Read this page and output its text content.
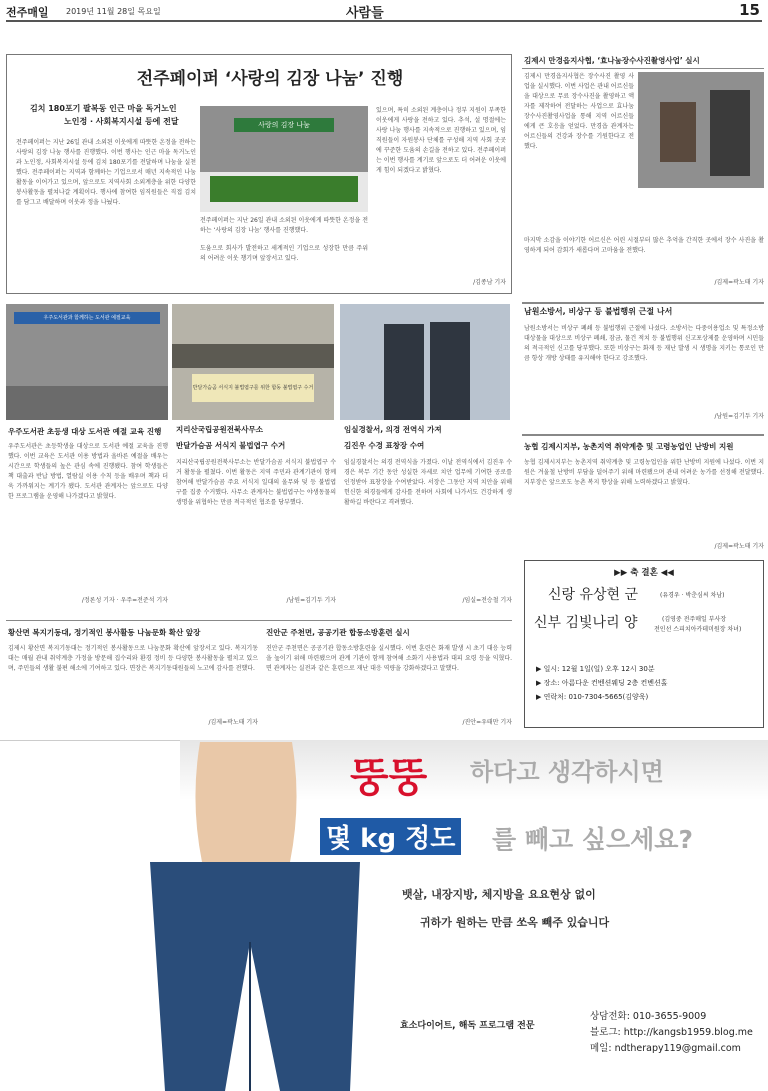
전주매일 2019년 11월 28일 목요일	사람들	15
전주페이퍼 ‘사랑의 김장 나눔’ 진행
김치 180포기 팔복동 인근 마을 독거노인
노인정 · 사회복지시설 등에 전달
전주페이퍼는 지난 26일 관내 소외된 이웃에게 따뜻한 온정을 전하는 사랑의 김장 나눔 행사를 진행했다. 이번 행사는 인근 마을 독거노인과 노인정, 사회복지시설 등에 김치 180포기를 전달하며 나눔을 실천했다. 전주페이퍼는 지역과 함께하는 기업으로서 매년 지속적인 나눔 활동을 이어가고 있으며, 앞으로도 지역사회 소외계층을 위한 다양한 봉사활동을 펼쳐나갈 계획이다. 행사에 참여한 임직원들은 직접 김치를 담그고 배달하며 이웃과 정을 나눴다.
사랑의 김장 나눔
전주페이퍼는 지난 26일 관내 소외된 이웃에게 따뜻한 온정을 전하는 ‘사랑의 김장 나눔’ 행사를 진행했다.
도움으로 회사가 발전하고 세계적인 기업으로 성장한 만큼 주위의 어려운 이웃 챙기며 앞장서고 있다.
있으며, 특히 소외된 계층이나 정부 지원이 부족한 이웃에게 사랑을 전하고 있다. 추석, 설 명절에는 사랑 나눔 행사를 지속적으로 진행하고 있으며, 임직원들이 자원봉사 단체를 구성해 지역 사회 곳곳에 꾸준한 도움의 손길을 전하고 있다. 전주페이퍼는 이번 행사를 계기로 앞으로도 더 어려운 이웃에게 힘이 되겠다고 밝혔다.
/김종남 기자
김제시 만경읍지사협, ‘효나눔장수사진촬영사업’ 실시
김제시 만경읍지사협은 장수사진 촬영 사업을 실시했다. 이번 사업은 관내 어르신들을 대상으로 무료 장수사진을 촬영하고 액자를 제작하여 전달하는 사업으로 효나눔 장수사진촬영사업을 통해 지역 어르신들에게 큰 호응을 얻었다. 만경읍 관계자는 어르신들의 건강과 장수를 기원한다고 전했다.
마지막 소감을 이야기한 어르신은 어린 시절부터 많은 추억을 간직한 곳에서 장수 사진을 촬영하게 되어 감회가 새롭다며 고마움을 전했다.
/김제=곽노태 기자
우주도서관과 함께하는 도서관 예절교육
반달가슴곰 서식지 불법엽구를 위한 합동 불법엽구 수거
남원소방서, 비상구 등 불법행위 근절 나서
남원소방서는 비상구 폐쇄 등 불법행위 근절에 나섰다. 소방서는 다중이용업소 및 특정소방대상물을 대상으로 비상구 폐쇄, 잠금, 물건 적치 등 불법행위 신고포상제를 운영하며 시민들의 적극적인 신고를 당부했다. 또한 비상구는 화재 등 재난 발생 시 생명을 지키는 통로인 만큼 항상 개방 상태를 유지해야 한다고 강조했다.
/남원=김기두 기자
우주도서관 초등생 대상 도서관 예절 교육 진행
우주도서관은 초등학생을 대상으로 도서관 예절 교육을 진행했다. 이번 교육은 도서관 이용 방법과 올바른 예절을 배우는 시간으로 학생들의 높은 관심 속에 진행됐다. 참여 학생들은 책 대출과 반납 방법, 열람실 이용 수칙 등을 배우며 책과 더욱 가까워지는 계기가 됐다. 도서관 관계자는 앞으로도 다양한 프로그램을 운영해 나가겠다고 밝혔다.
/정론성 기자 · 우주=전준석 기자
지리산국립공원전북사무소
반달가슴곰 서식지 불법엽구 수거
지리산국립공원전북사무소는 반달가슴곰 서식지 불법엽구 수거 활동을 펼쳤다. 이번 활동은 지역 주민과 관계기관이 함께 참여해 반달가슴곰 주요 서식지 일대의 올무와 덫 등 불법엽구를 집중 수거했다. 사무소 관계자는 불법엽구는 야생동물의 생명을 위협하는 만큼 적극적인 협조를 당부했다.
/남원=김기두 기자
임실경찰서, 의경 전역식 가져
김진우 수경 표창장 수여
임실경찰서는 의경 전역식을 가졌다. 이날 전역식에서 김진우 수경은 복무 기간 동안 성실한 자세로 치안 업무에 기여한 공로를 인정받아 표창장을 수여받았다. 서장은 그동안 지역 치안을 위해 헌신한 의경들에게 감사를 전하며 사회에 나가서도 건강하게 생활하길 바란다고 격려했다.
/임실=전승철 기자
농협 김제시지부, 농촌지역 취약계층 및 고령농업인 난방비 지원
농협 김제시지부는 농촌지역 취약계층 및 고령농업인을 위한 난방비 지원에 나섰다. 이번 지원은 겨울철 난방비 부담을 덜어주기 위해 마련됐으며 관내 어려운 농가를 선정해 전달했다. 지부장은 앞으로도 농촌 복지 향상을 위해 노력하겠다고 밝혔다.
/김제=곽노태 기자
황산면 복지기동대, 정기적인 봉사활동 나눔문화 확산 앞장
김제시 황산면 복지기동대는 정기적인 봉사활동으로 나눔문화 확산에 앞장서고 있다. 복지기동대는 매월 관내 취약계층 가정을 방문해 집수리와 환경 정비 등 다양한 봉사활동을 펼치고 있으며, 주민들의 생활 불편 해소에 기여하고 있다. 면장은 복지기동대원들의 노고에 감사를 전했다.
/김제=곽노태 기자
진안군 주천면, 공공기관 합동소방훈련 실시
진안군 주천면은 공공기관 합동소방훈련을 실시했다. 이번 훈련은 화재 발생 시 초기 대응 능력을 높이기 위해 마련됐으며 관계 기관이 함께 참여해 소화기 사용법과 대피 요령 등을 익혔다. 면 관계자는 실전과 같은 훈련으로 재난 대응 역량을 강화하겠다고 말했다.
/진안=우태만 기자
▶▶ 축 결혼 ◀◀
신랑 유상현 군	(유경우 · 박춘심씨 차남)
신부 김빛나리 양	(김영중 전주매일 부사장
전인선 스피치아카데미원장 차녀)
▶ 일시: 12월 1일(일) 오후 12시 30분
▶ 장소: 아름다운 컨벤션웨딩 2층 컨벤션홀
▶ 연락처: 010-7304-5665(김양욱)
뚱뚱 하다고 생각하시면
몇 kg 정도 를 빼고 싶으세요?
뱃살, 내장지방, 체지방을 요요현상 없이
귀하가 원하는 만큼 쏘옥 빼주 있습니다
효소다이어트, 해독 프로그램 전문
상담전화: 010-3655-9009
블로그: http://kangsb1959.blog.me
메일: ndtherapy119@gmail.com
